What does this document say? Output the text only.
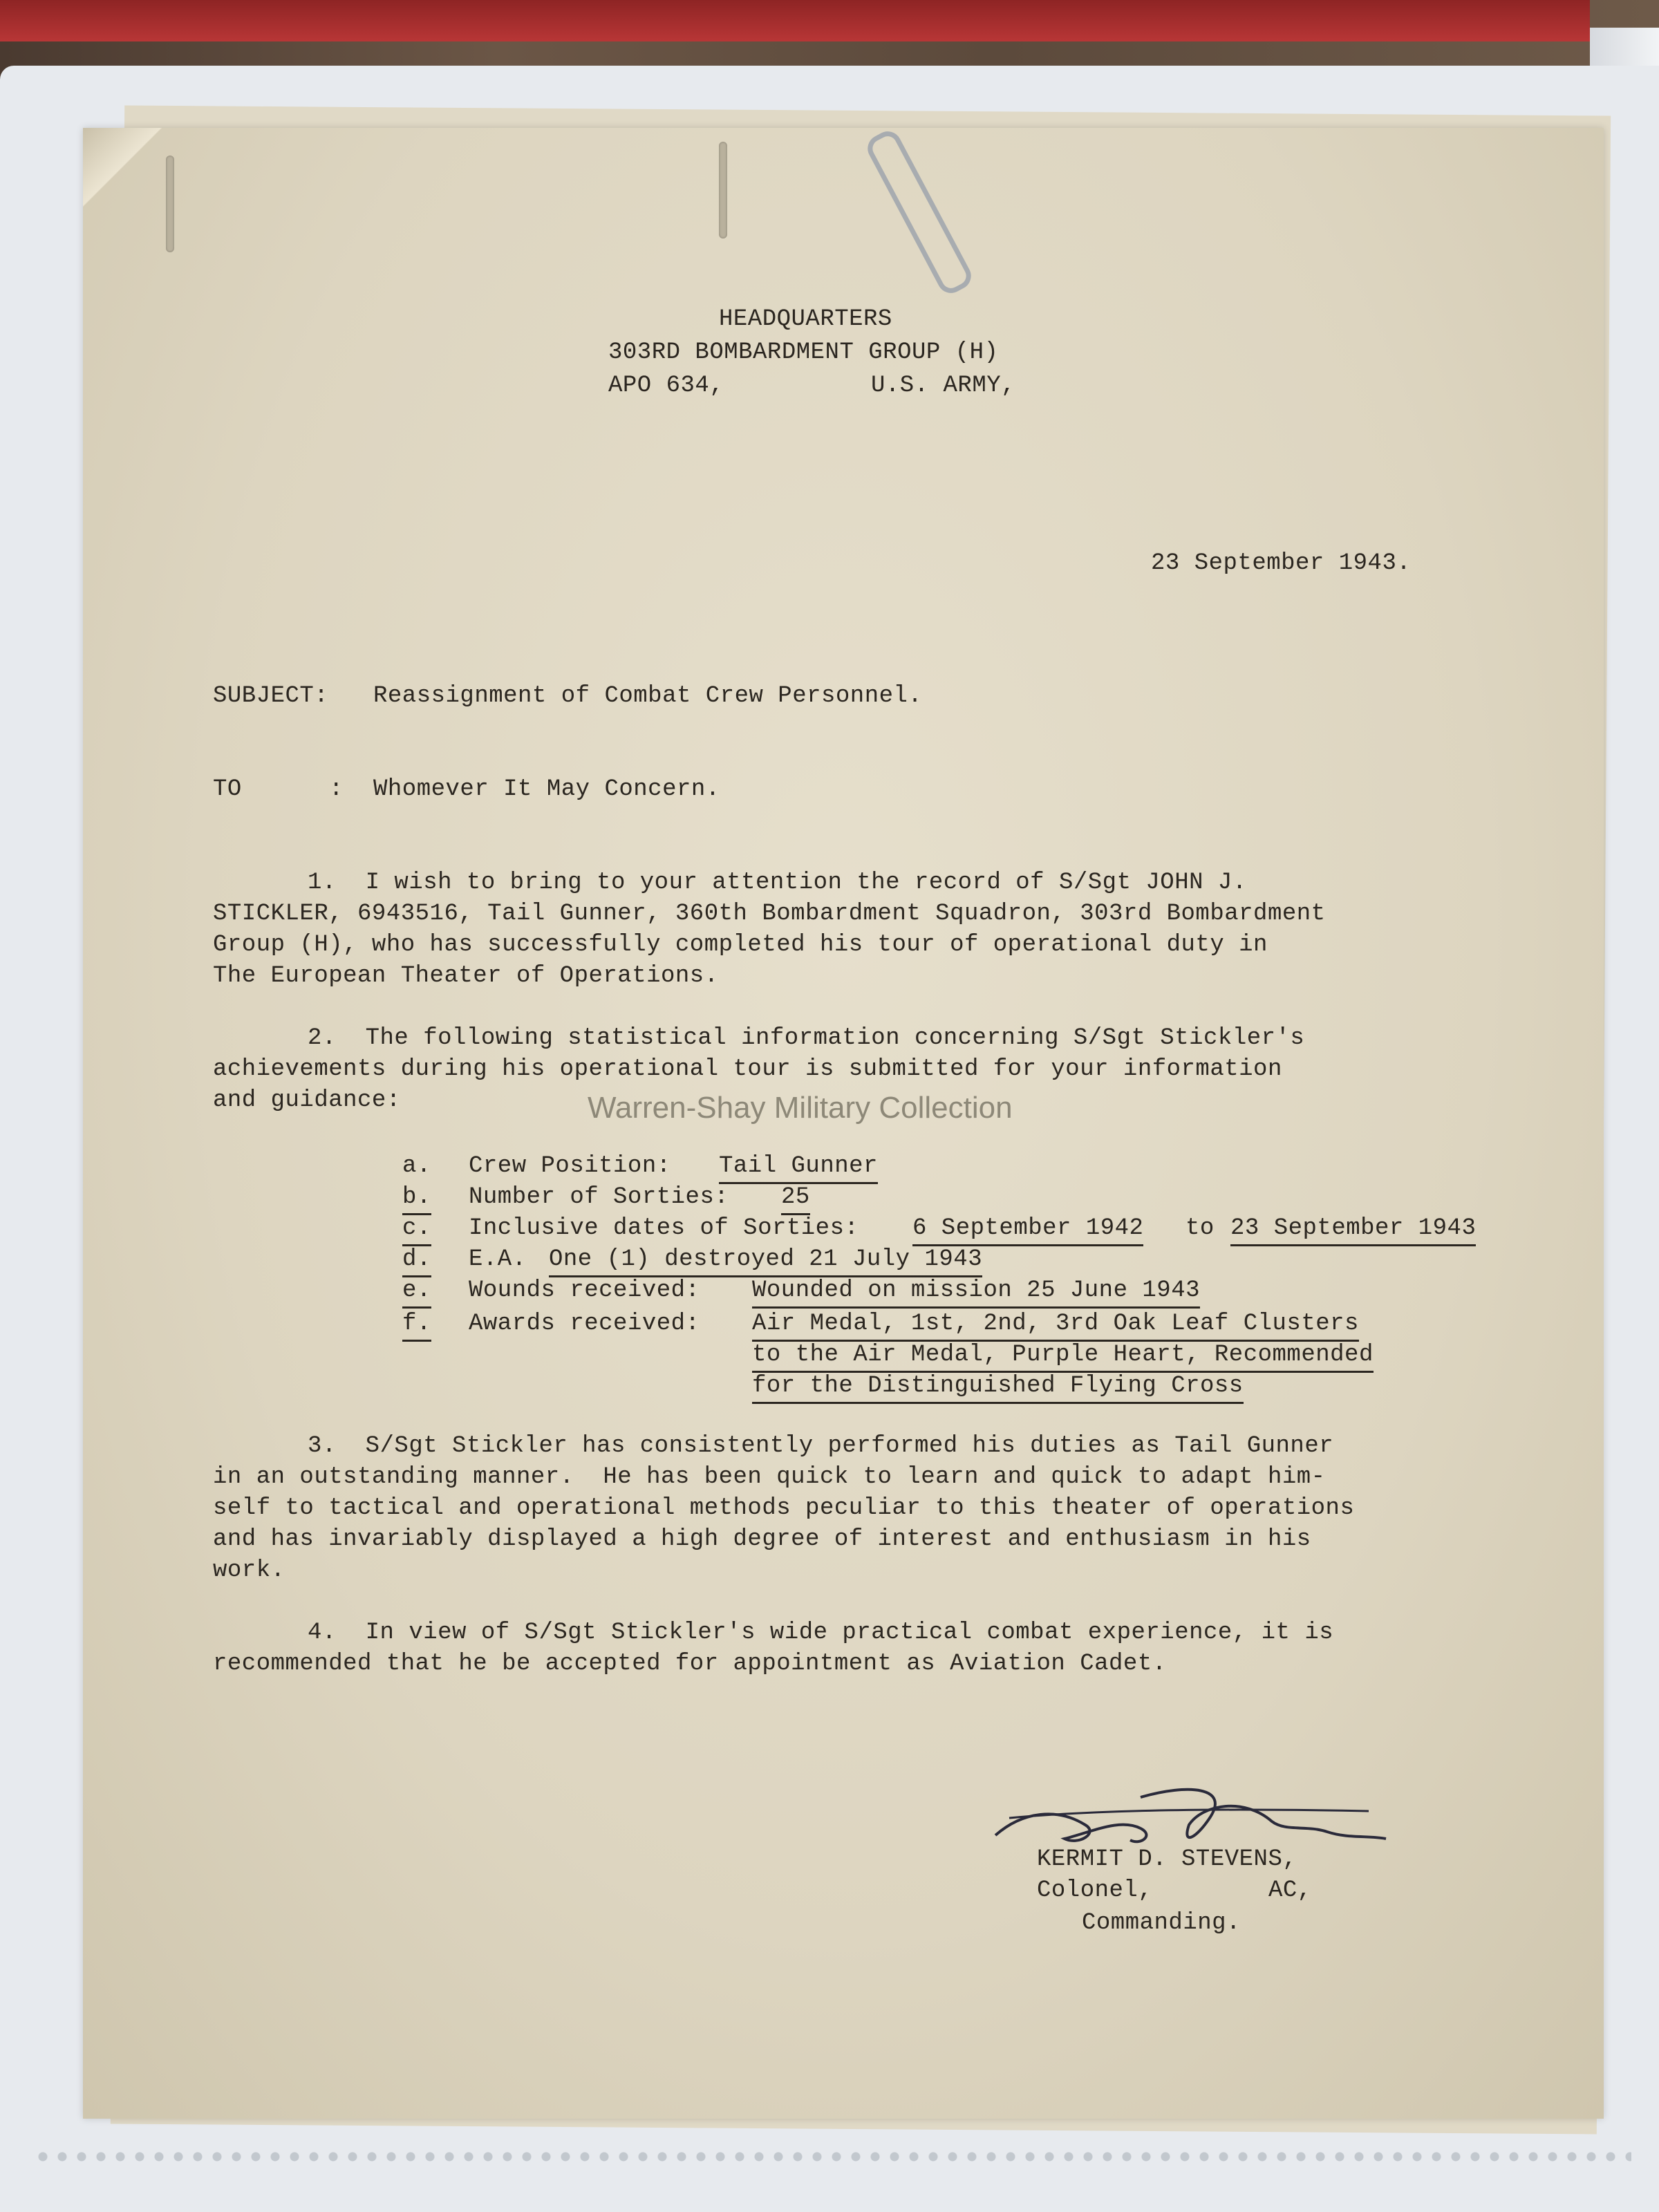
HEADQUARTERS
303RD BOMBARDMENT GROUP (H)
APO 634,	U.S. ARMY,
23 September 1943.
SUBJECT: Reassignment of Combat Crew Personnel.
TO	: Whomever It May Concern.
1.  I wish to bring to your attention the record of S/Sgt JOHN J.
STICKLER, 6943516, Tail Gunner, 360th Bombardment Squadron, 303rd Bombardment
Group (H), who has successfully completed his tour of operational duty in
The European Theater of Operations.
2.  The following statistical information concerning S/Sgt Stickler's
achievements during his operational tour is submitted for your information
and guidance:	Warren-Shay Military Collection
a. Crew Position: Tail Gunner
b. Number of Sorties: 25
c. Inclusive dates of Sorties: 6 September 1942 to 23 September 1943
d. E.A. One (1) destroyed 21 July 1943
e. Wounds received: Wounded on mission 25 June 1943
f. Awards received: Air Medal, 1st, 2nd, 3rd Oak Leaf Clusters
to the Air Medal, Purple Heart, Recommended
for the Distinguished Flying Cross
3.  S/Sgt Stickler has consistently performed his duties as Tail Gunner
in an outstanding manner.  He has been quick to learn and quick to adapt him-
self to tactical and operational methods peculiar to this theater of operations
and has invariably displayed a high degree of interest and enthusiasm in his
work.
4.  In view of S/Sgt Stickler's wide practical combat experience, it is
recommended that he be accepted for appointment as Aviation Cadet.
KERMIT D. STEVENS,
Colonel,	AC,
Commanding.
